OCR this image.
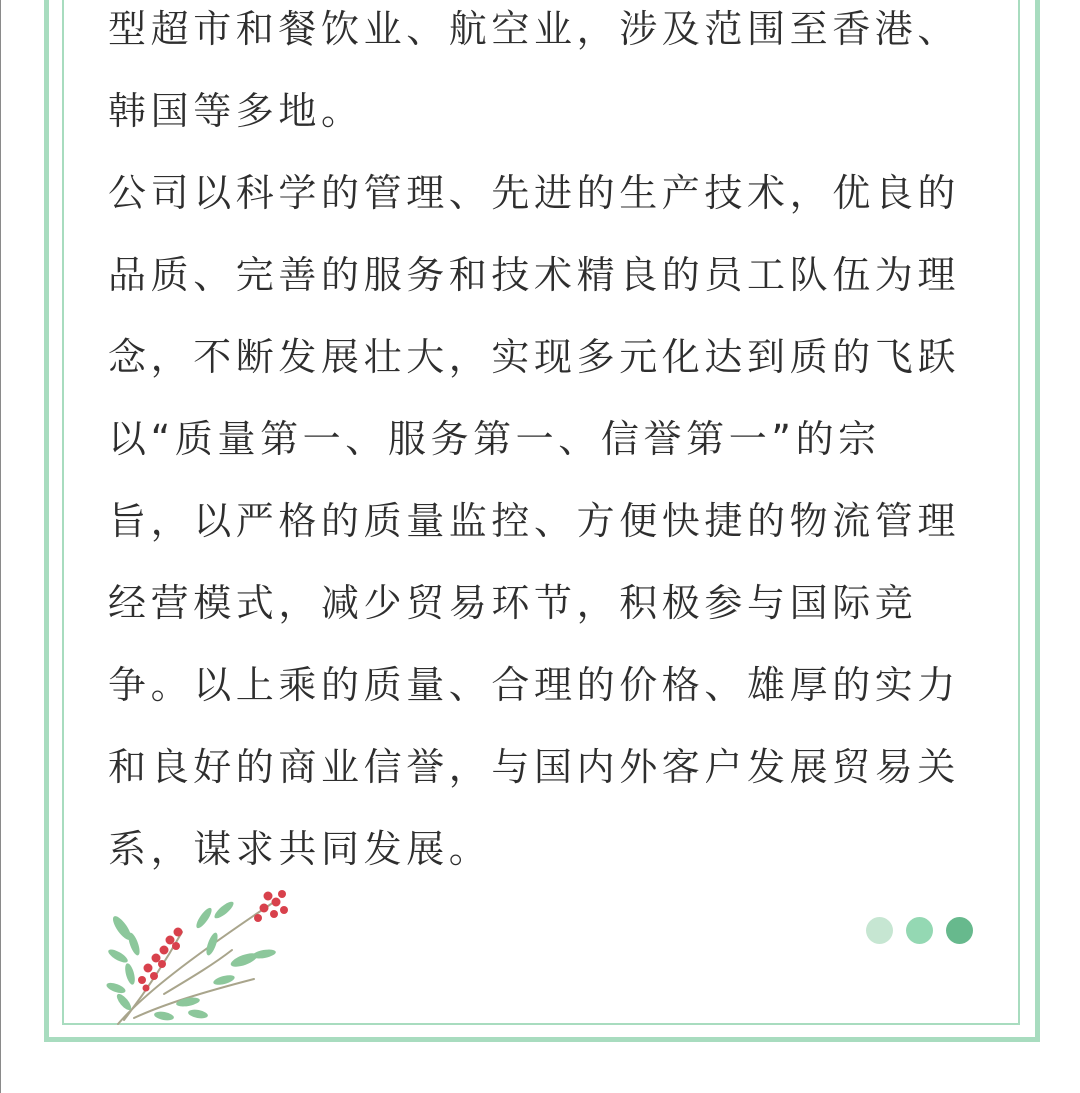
型超市和餐饮业、航空业，涉及范围至香港、
韩国等多地。
公司以科学的管理、先进的生产技术，优良的
品质、完善的服务和技术精良的员工队伍为理
念，不断发展壮大，实现多元化达到质的飞跃
以“质量第一、服务第一、信誉第一”的宗
旨，以严格的质量监控、方便快捷的物流管理
经营模式，减少贸易环节，积极参与国际竞
争。以上乘的质量、合理的价格、雄厚的实力
和良好的商业信誉，与国内外客户发展贸易关
系，谋求共同发展。
